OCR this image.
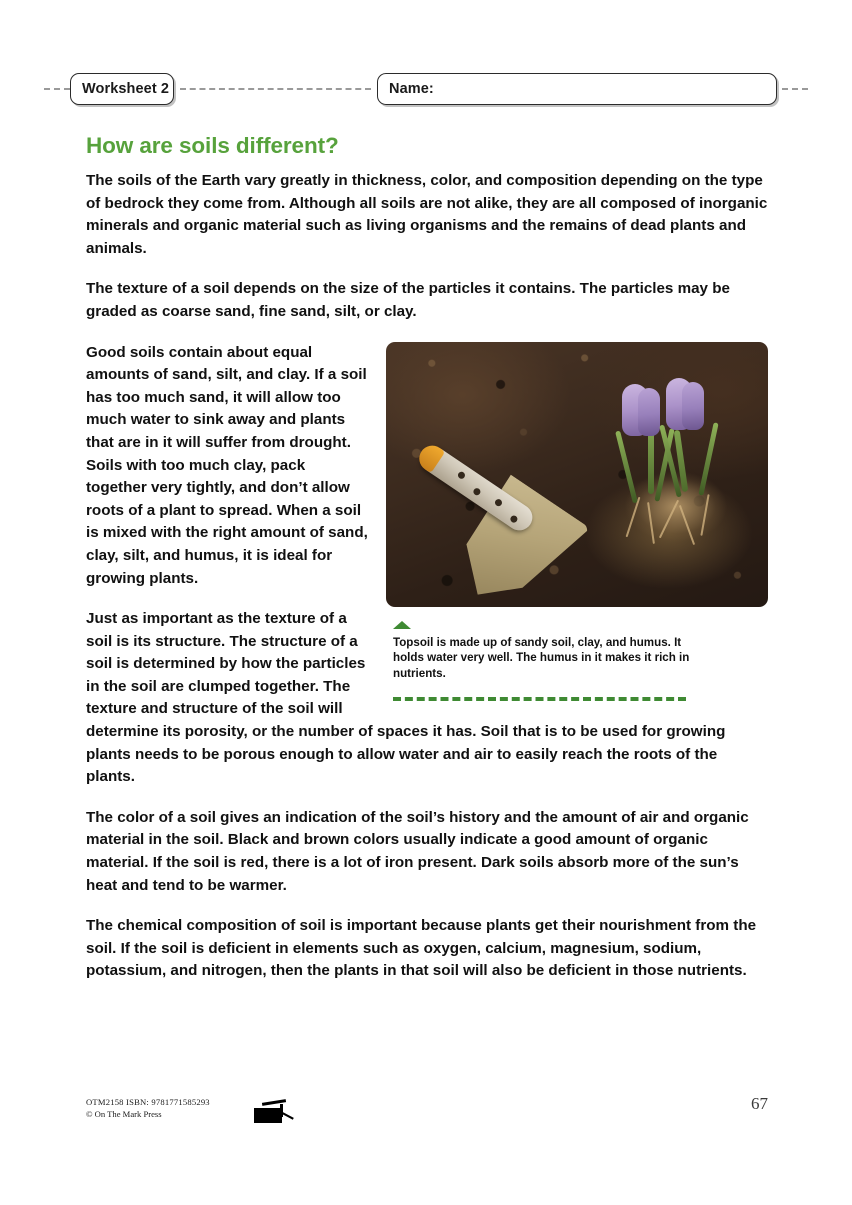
Worksheet 2	Name:
How are soils different?

The soils of the Earth vary greatly in thickness, color, and composition depending on the type of bedrock they come from. Although all soils are not alike, they are all composed of inorganic minerals and organic material such as living organisms and the remains of dead plants and animals.

The texture of a soil depends on the size of the particles it contains. The particles may be graded as coarse sand, fine sand, silt, or clay.

Topsoil is made up of sandy soil, clay, and humus. It holds water very well. The humus in it makes it rich in nutrients.

Good soils contain about equal amounts of sand, silt, and clay. If a soil has too much sand, it will allow too much water to sink away and plants that are in it will suffer from drought. Soils with too much clay, pack together very tightly, and don’t allow roots of a plant to spread. When a soil is mixed with the right amount of sand, clay, silt, and humus, it is ideal for growing plants.

Just as important as the texture of a soil is its structure. The structure of a soil is determined by how the particles in the soil are clumped together. The texture and structure of the soil will determine its porosity, or the number of spaces it has. Soil that is to be used for growing plants needs to be porous enough to allow water and air to easily reach the roots of the plants.

The color of a soil gives an indication of the soil’s history and the amount of air and organic material in the soil. Black and brown colors usually indicate a good amount of organic material. If the soil is red, there is a lot of iron present. Dark soils absorb more of the sun’s heat and tend to be warmer.

The chemical composition of soil is important because plants get their nourishment from the soil. If the soil is deficient in elements such as oxygen, calcium, magnesium, sodium, potassium, and nitrogen, then the plants in that soil will also be deficient in those nutrients.

OTM2158 ISBN: 9781771585293
© On The Mark Press
67
